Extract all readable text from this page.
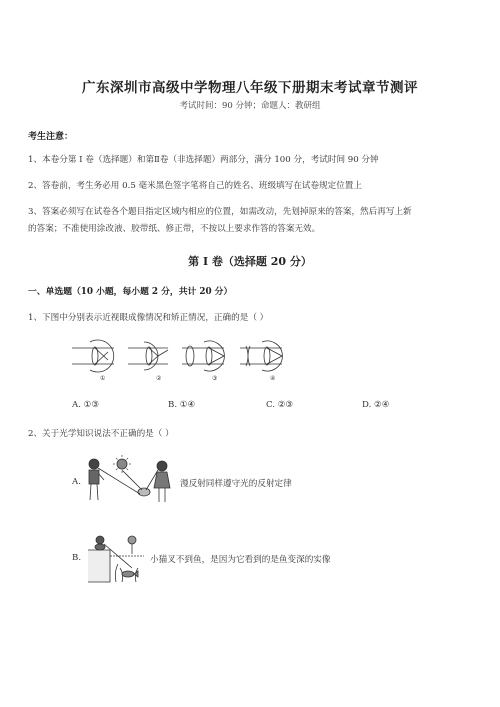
广东深圳市高级中学物理八年级下册期末考试章节测评
考试时间：90 分钟；命题人：教研组
考生注意：
1、本卷分第 I 卷（选择题）和第Ⅱ卷（非选择题）两部分，满分 100 分，考试时间 90 分钟
2、答卷前，考生务必用 0.5 毫米黑色签字笔将自己的姓名、班级填写在试卷规定位置上
3、答案必须写在试卷各个题目指定区域内相应的位置，如需改动，先划掉原来的答案，然后再写上新
的答案；不准使用涂改液、胶带纸、修正带，不按以上要求作答的答案无效。
第 I 卷（选择题 20 分）
一、单选题（10 小题，每小题 2 分，共计 20 分）
1、下图中分别表示近视眼成像情况和矫正情况，正确的是（ ）
①	②	③	④
A. ①③	B. ①④	C. ②③	D. ②④
2、关于光学知识说法不正确的是（ ）
A.	漫反射同样遵守光的反射定律
B.	小猫叉不到鱼，是因为它看到的是鱼变深的实像
